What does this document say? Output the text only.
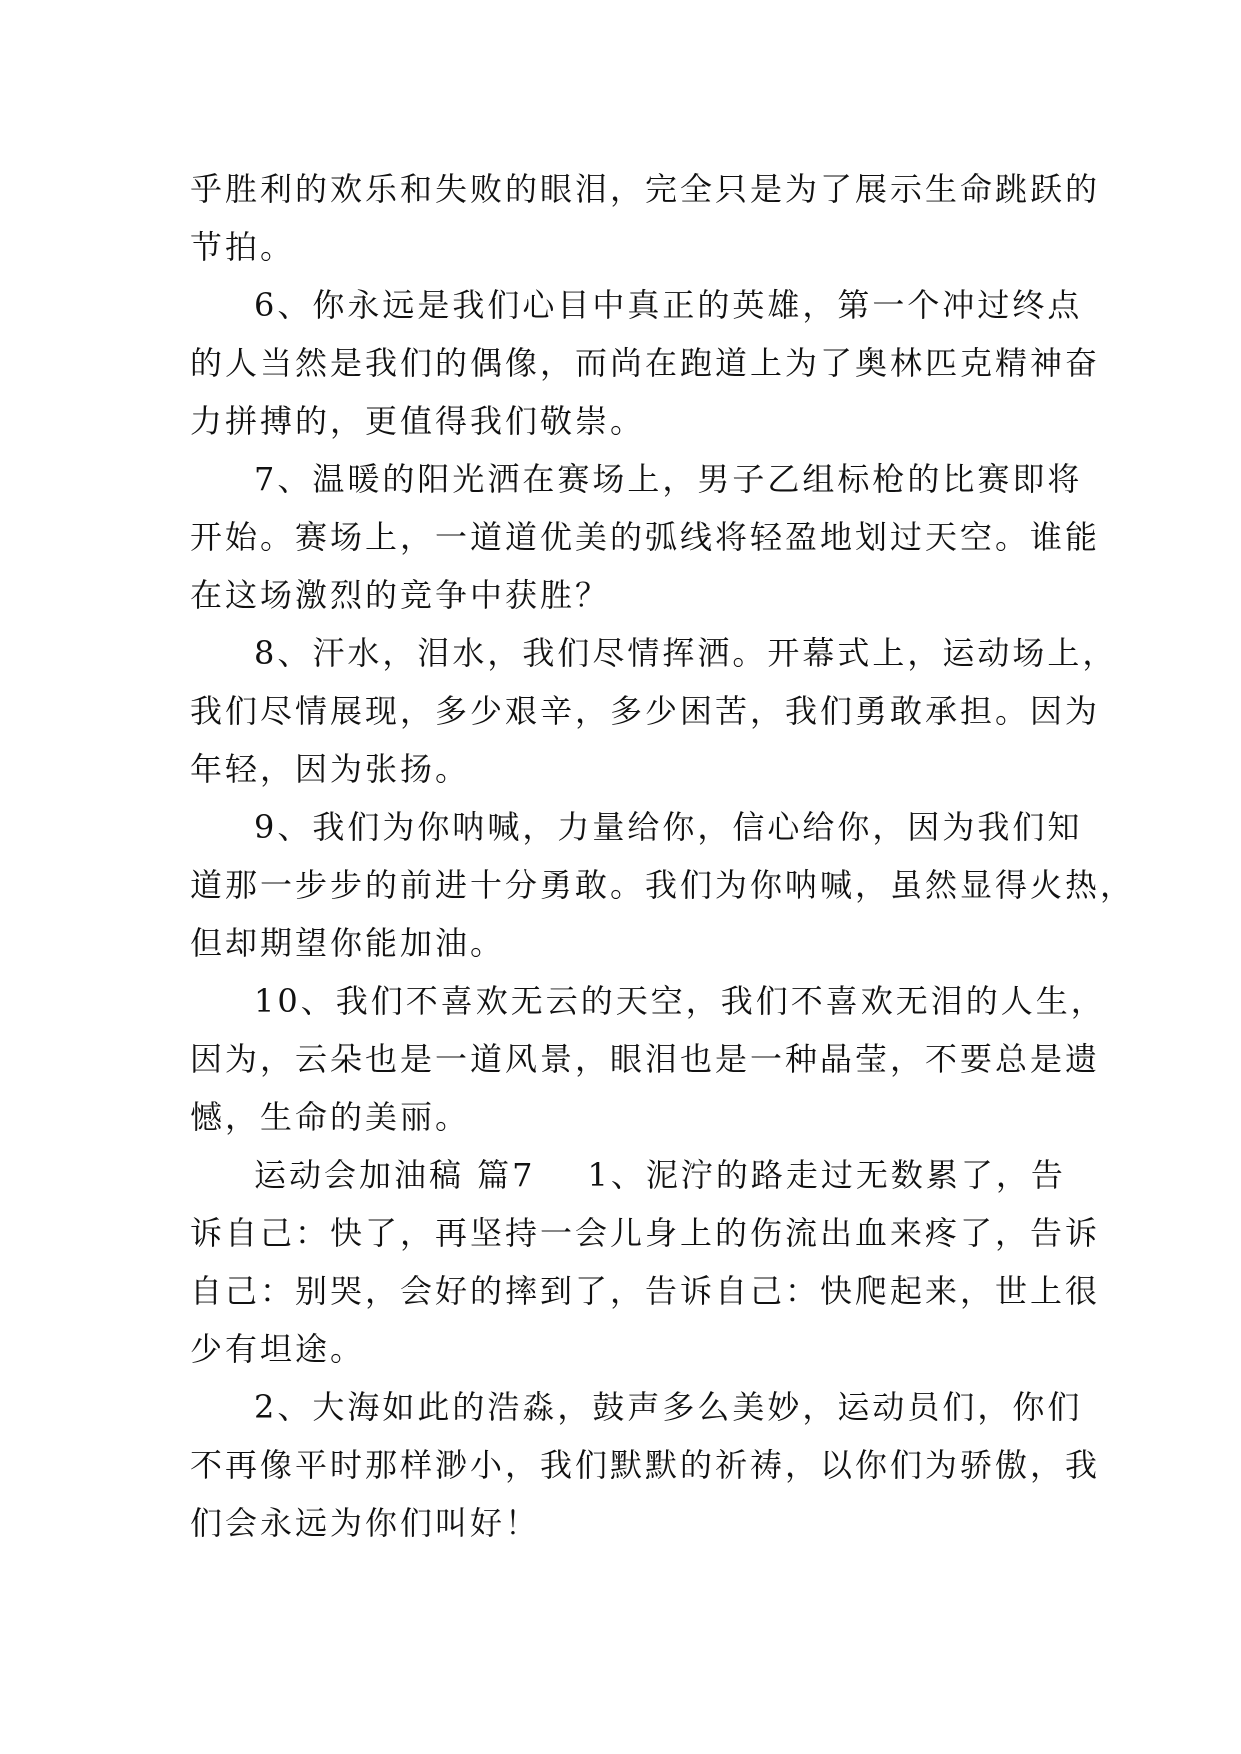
乎胜利的欢乐和失败的眼泪，完全只是为了展示生命跳跃的
节拍。
6、你永远是我们心目中真正的英雄，第一个冲过终点
的人当然是我们的偶像，而尚在跑道上为了奥林匹克精神奋
力拼搏的，更值得我们敬崇。
7、温暖的阳光洒在赛场上，男子乙组标枪的比赛即将
开始。赛场上，一道道优美的弧线将轻盈地划过天空。谁能
在这场激烈的竞争中获胜？
8、汗水，泪水，我们尽情挥洒。开幕式上，运动场上，
我们尽情展现，多少艰辛，多少困苦，我们勇敢承担。因为
年轻，因为张扬。
9、我们为你呐喊，力量给你，信心给你，因为我们知
道那一步步的前进十分勇敢。我们为你呐喊，虽然显得火热，
但却期望你能加油。
10、我们不喜欢无云的天空，我们不喜欢无泪的人生，
因为，云朵也是一道风景，眼泪也是一种晶莹，不要总是遗
憾，生命的美丽。
运动会加油稿 篇7 1、泥泞的路走过无数累了，告
诉自己：快了，再坚持一会儿身上的伤流出血来疼了，告诉
自己：别哭，会好的摔到了，告诉自己：快爬起来，世上很
少有坦途。
2、大海如此的浩淼，鼓声多么美妙，运动员们，你们
不再像平时那样渺小，我们默默的祈祷，以你们为骄傲，我
们会永远为你们叫好！
